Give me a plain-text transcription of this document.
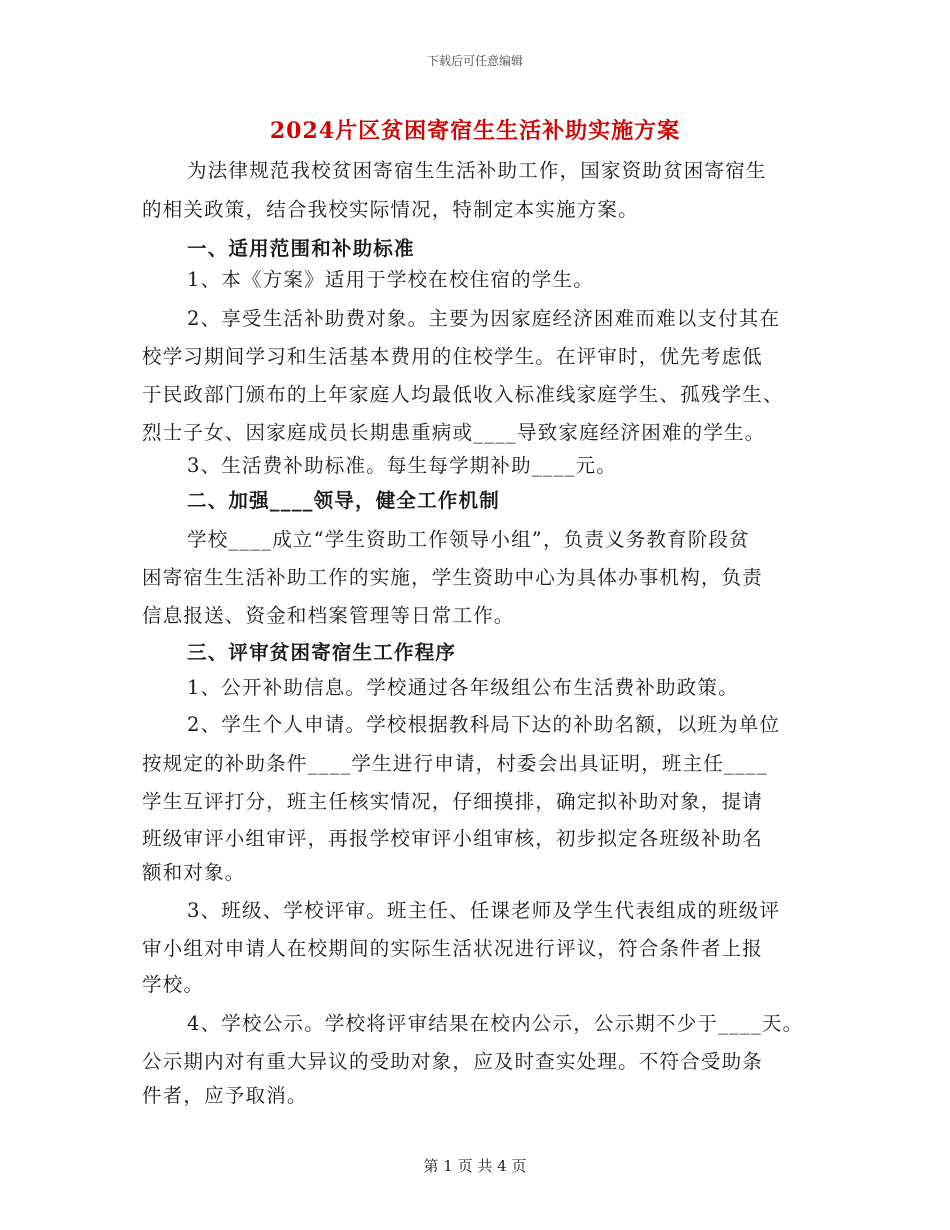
下载后可任意编辑
2024片区贫困寄宿生生活补助实施方案
为法律规范我校贫困寄宿生生活补助工作，国家资助贫困寄宿生
的相关政策，结合我校实际情况，特制定本实施方案。
一、适用范围和补助标准
1、本《方案》适用于学校在校住宿的学生。
2、享受生活补助费对象。主要为因家庭经济困难而难以支付其在
校学习期间学习和生活基本费用的住校学生。在评审时，优先考虑低
于民政部门颁布的上年家庭人均最低收入标准线家庭学生、孤残学生、
烈士子女、因家庭成员长期患重病或____导致家庭经济困难的学生。
3、生活费补助标准。每生每学期补助____元。
二、加强____领导，健全工作机制
学校____成立“学生资助工作领导小组”，负责义务教育阶段贫
困寄宿生生活补助工作的实施，学生资助中心为具体办事机构，负责
信息报送、资金和档案管理等日常工作。
三、评审贫困寄宿生工作程序
1、公开补助信息。学校通过各年级组公布生活费补助政策。
2、学生个人申请。学校根据教科局下达的补助名额，以班为单位
按规定的补助条件____学生进行申请，村委会出具证明，班主任____
学生互评打分，班主任核实情况，仔细摸排，确定拟补助对象，提请
班级审评小组审评，再报学校审评小组审核，初步拟定各班级补助名
额和对象。
3、班级、学校评审。班主任、任课老师及学生代表组成的班级评
审小组对申请人在校期间的实际生活状况进行评议，符合条件者上报
学校。
4、学校公示。学校将评审结果在校内公示，公示期不少于____天。
公示期内对有重大异议的受助对象，应及时查实处理。不符合受助条
件者，应予取消。
第 1 页 共 4 页
